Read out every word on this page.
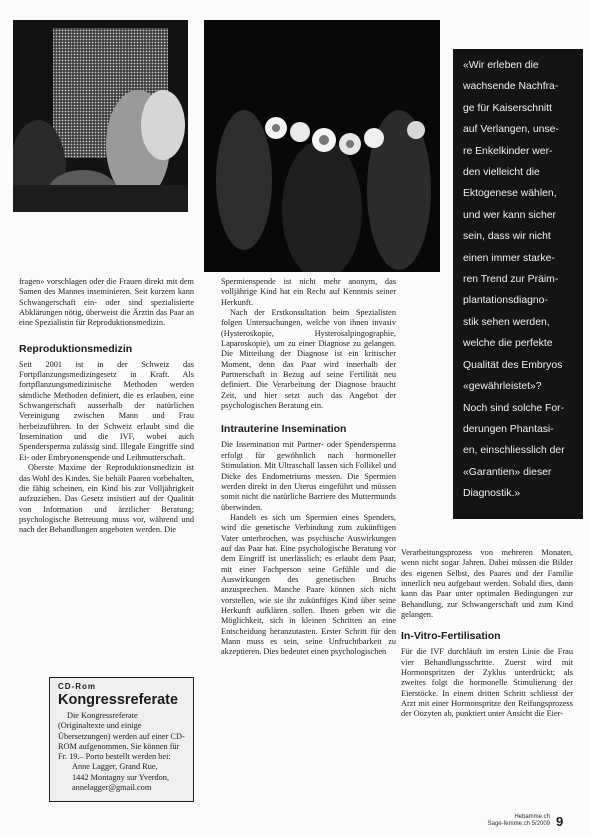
«Wir erleben die
wachsende Nachfra-
ge für Kaiserschnitt
auf Verlangen, unse-
re Enkelkinder wer-
den vielleicht die
Ektogenese wählen,
und wer kann sicher
sein, dass wir nicht
einen immer starke-
ren Trend zur Präim-
plantationsdiagno-
stik sehen werden,
welche die perfekte
Qualität des Embryos
«gewährleistet»?
Noch sind solche For-
derungen Phantasi-
en, einschliesslich der
«Garantien» dieser
Diagnostik.»

fragen» vorschlagen oder die Frauen direkt mit dem Samen des Mannes inseminieren. Seit kurzem kann Schwangerschaft ein- oder sind spezialisierte Abklärungen nötig, überweist die Ärztin das Paar an eine Spezialistin für Reproduktionsmedizin.

Reproduktionsmedizin

Seit 2001 ist in der Schweiz das Fortpflanzungsmedizingesetz in Kraft. Als fortpflanzungsmedizinische Methoden werden sämtliche Methoden definiert, die es erlauben, eine Schwangerschaft ausserhalb der natürlichen Vereinigung zwischen Mann und Frau herbeizuführen. In der Schweiz erlaubt sind die Insemination und die IVF, wobei auch Spendersperma zulässig sind. Illegale Eingriffe sind Ei- oder Embryonenspende und Leihmutterschaft.

Oberste Maxime der Reproduktionsmedizin ist das Wohl des Kindes. Sie behält Paaren vorbehalten, die fähig scheinen, ein Kind bis zur Volljährigkeit aufzuziehen. Das Gesetz insistiert auf der Qualität von Information und ärztlicher Beratung; psychologische Betreuung muss vor, während und nach der Behandlungen angeboten werden. Die

CD-Rom
Kongressreferate
Die Kongressreferate (Originaltexte und einige Übersetzungen) werden auf einer CD-ROM aufgenommen. Sie können für Fr. 19.– Porto bestellt werden bei:
Anne Lagger, Grand Rue,
1442 Montagny sur Yverdon,
annelagger@gmail.com

Spermienspende ist nicht mehr anonym, das volljährige Kind hat ein Recht auf Kenntnis seiner Herkunft.

Nach der Erstkonsultation beim Spezialisten folgen Untersuchungen, welche von ihnen invasiv (Hysteroskopie, Hysterosalpingographie, Laparoskopie), um zu einer Diagnose zu gelangen. Die Mitteilung der Diagnose ist ein kritischer Moment, denn das Paar wird innerhalb der Partnerschaft in Bezug auf seine Fertilität neu definiert. Die Verarbeitung der Diagnose braucht Zeit, und hier setzt auch das Angebot der psychologischen Beratung ein.

Intrauterine Insemination

Die Insemination mit Partner- oder Spendersperma erfolgt für gewöhnlich nach hormoneller Stimulation. Mit Ultraschall lassen sich Follikel und Dicke des Endometriums messen. Die Spermien werden direkt in den Uterus eingeführt und müssen somit nicht die natürliche Barriere des Muttermunds überwinden.

Handelt es sich um Spermien eines Spenders, wird die genetische Verbindung zum zukünftigen Vater unterbrochen, was psychische Auswirkungen auf das Paar hat. Eine psychologische Beratung vor dem Eingriff ist unerlässlich; es erlaubt dem Paar, mit einer Fachperson seine Gefühle und die Auswirkungen des genetischen Bruchs anzusprechen. Manche Paare können sich nicht vorstellen, wie sie ihr zukünftiges Kind über seine Herkunft aufklären sollen. Ihnen geben wir die Möglichkeit, sich in kleinen Schritten an eine Entscheidung heranzutasten. Erster Schritt für den Mann muss es sein, seine Unfruchtbarkeit zu akzeptieren. Dies bedeutet einen psychologischen

Verarbeitungsprozess von mehreren Monaten, wenn nicht sogar Jahren. Dabei müssen die Bilder des eigenen Selbst, des Paares und der Familie innerlich neu aufgebaut werden. Sobald dies, dann kann das Paar unter optimalen Bedingungen zur Behandlung, zur Schwangerschaft und zum Kind gelangen.

In-Vitro-Fertilisation

Für die IVF durchläuft im ersten Linie die Frau vier Behandlungsschritte. Zuerst wird mit Hormonspritzen der Zyklus unterdrückt; als zweites folgt die hormonelle Stimulierung der Eierstöcke. In einem dritten Schritt schliesst der Arzt mit einer Hormonspritze den Reifungsprozess der Oozyten ab, punktiert unter Ansicht die Eier-

Hebamme.ch
Sage-femme.ch 5/2009 9
